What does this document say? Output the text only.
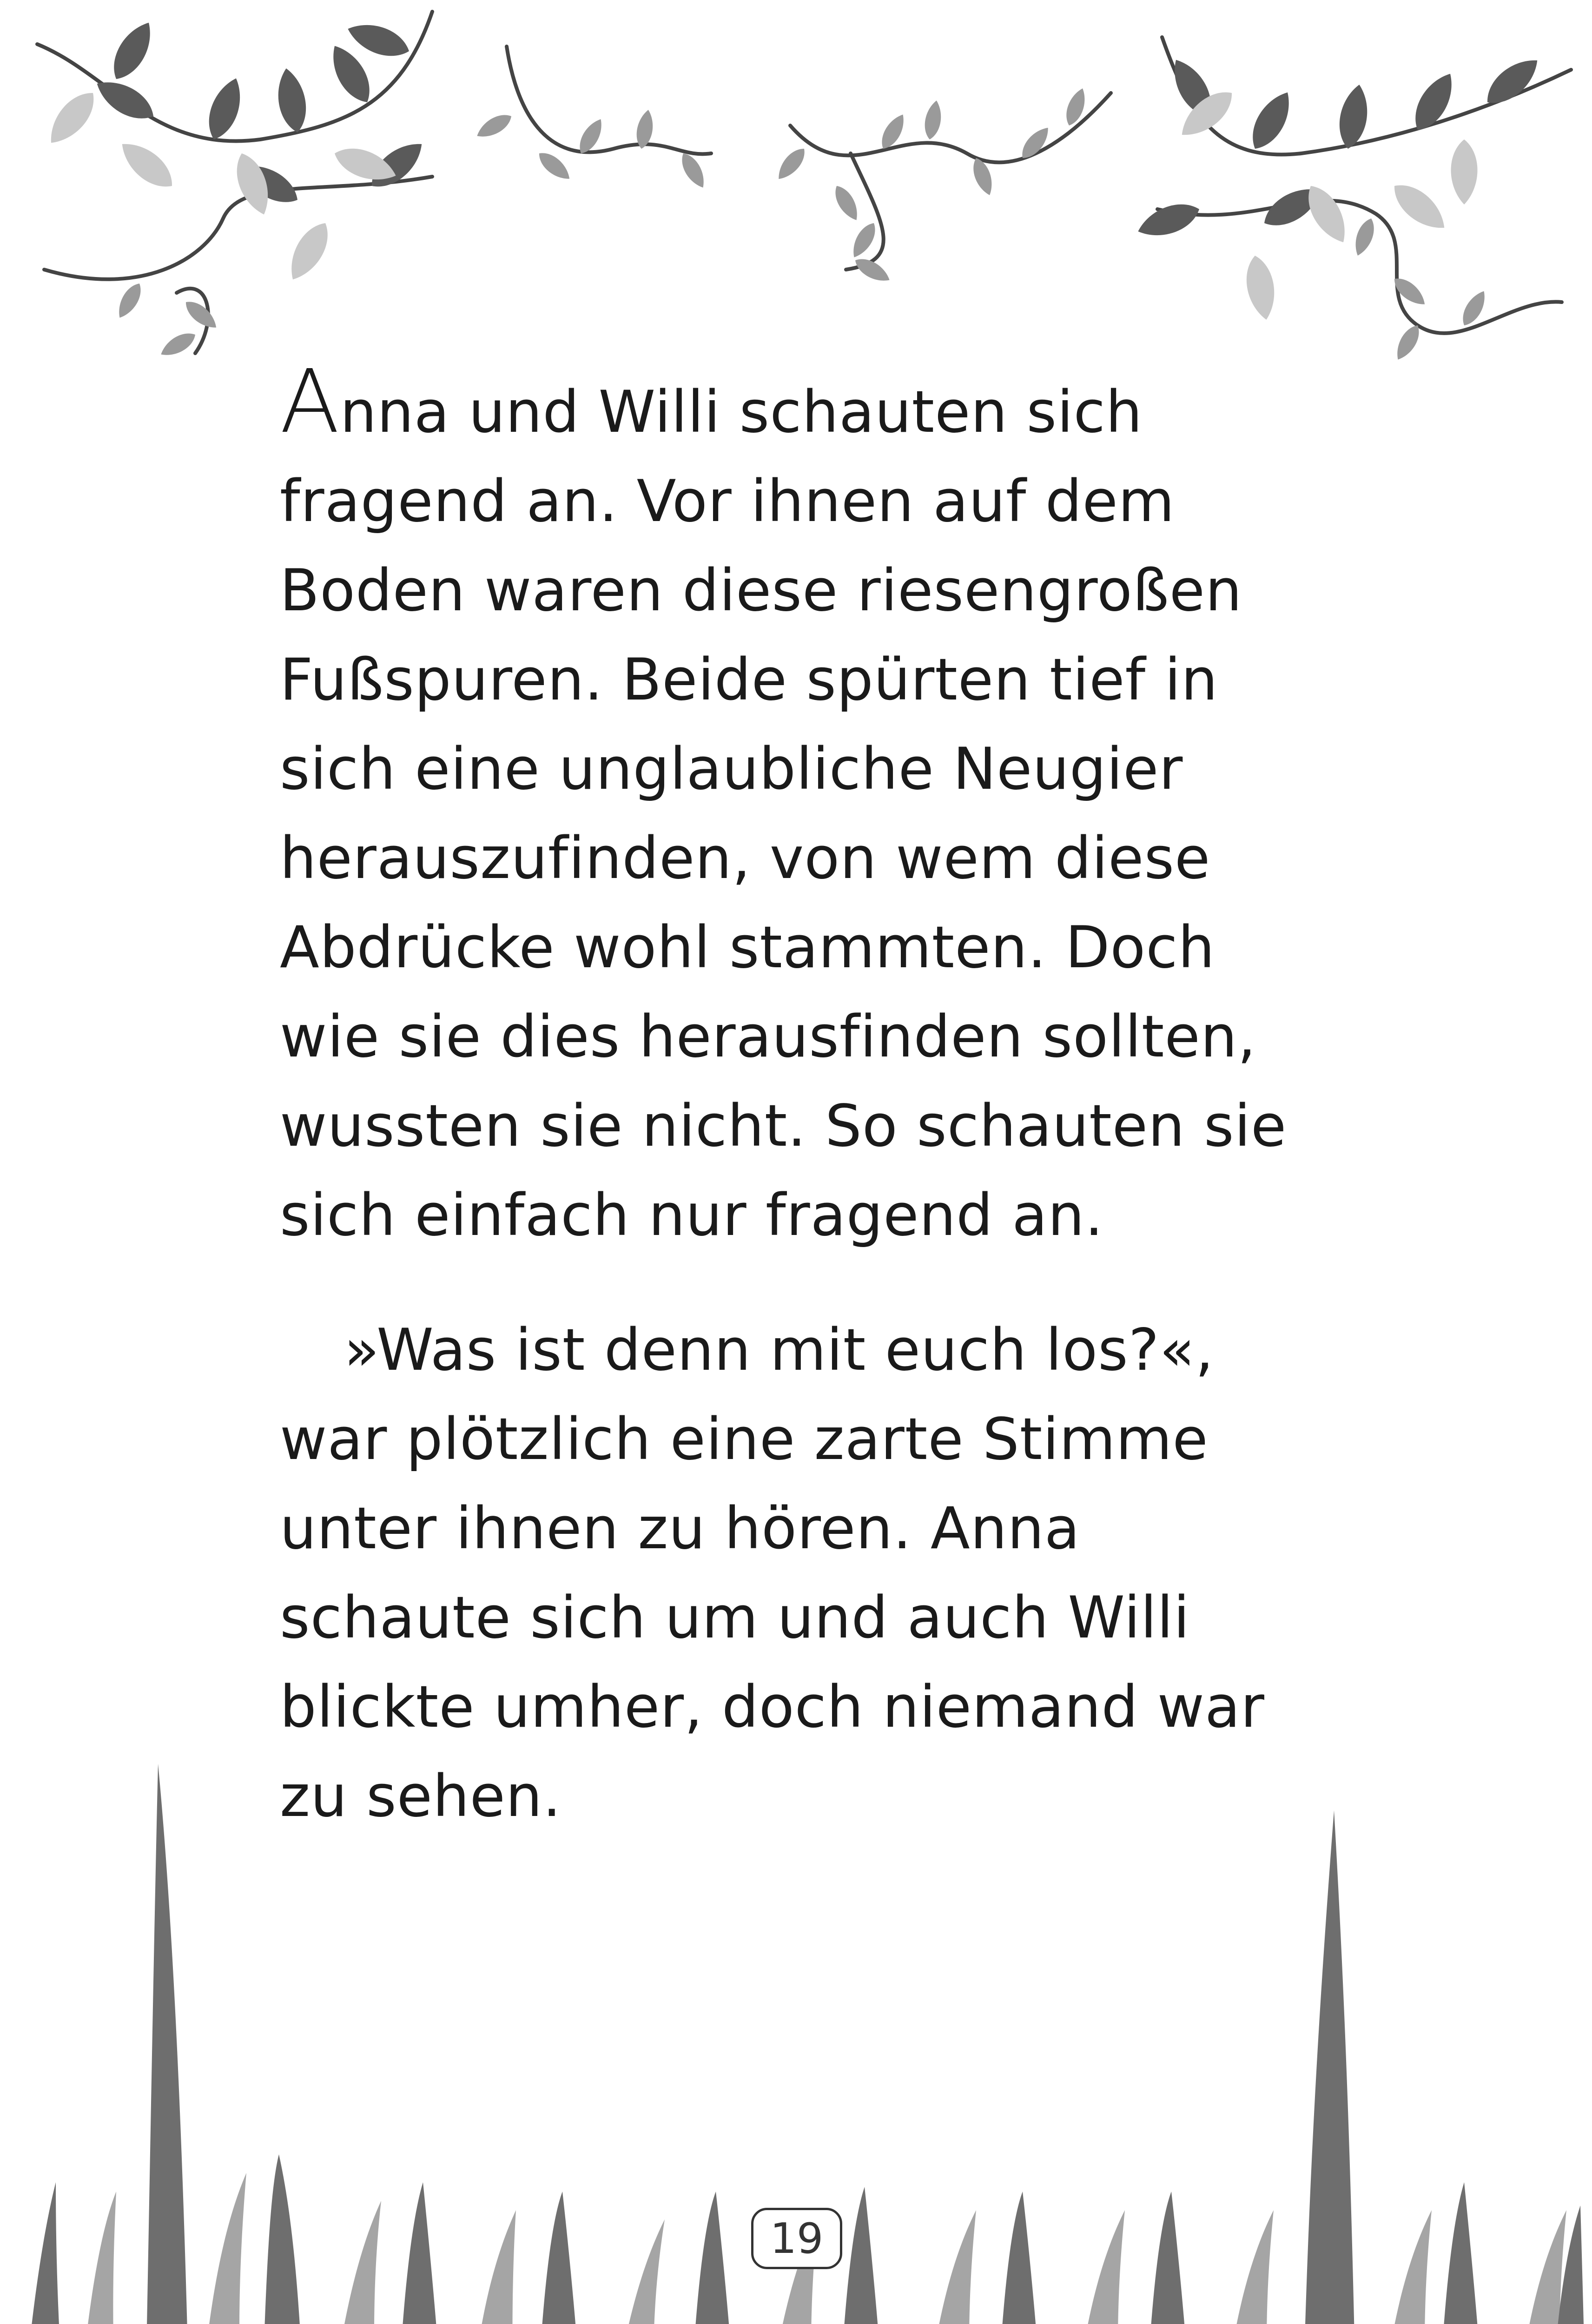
Anna und Willi schauten sich
fragend an. Vor ihnen auf dem
Boden waren diese riesengroßen
Fußspuren. Beide spürten tief in
sich eine unglaubliche Neugier
herauszufinden, von wem diese
Abdrücke wohl stammten. Doch
wie sie dies herausfinden sollten,
wussten sie nicht. So schauten sie
sich einfach nur fragend an.

»Was ist denn mit euch los?«,
war plötzlich eine zarte Stimme
unter ihnen zu hören. Anna
schaute sich um und auch Willi
blickte umher, doch niemand war
zu sehen.

19
